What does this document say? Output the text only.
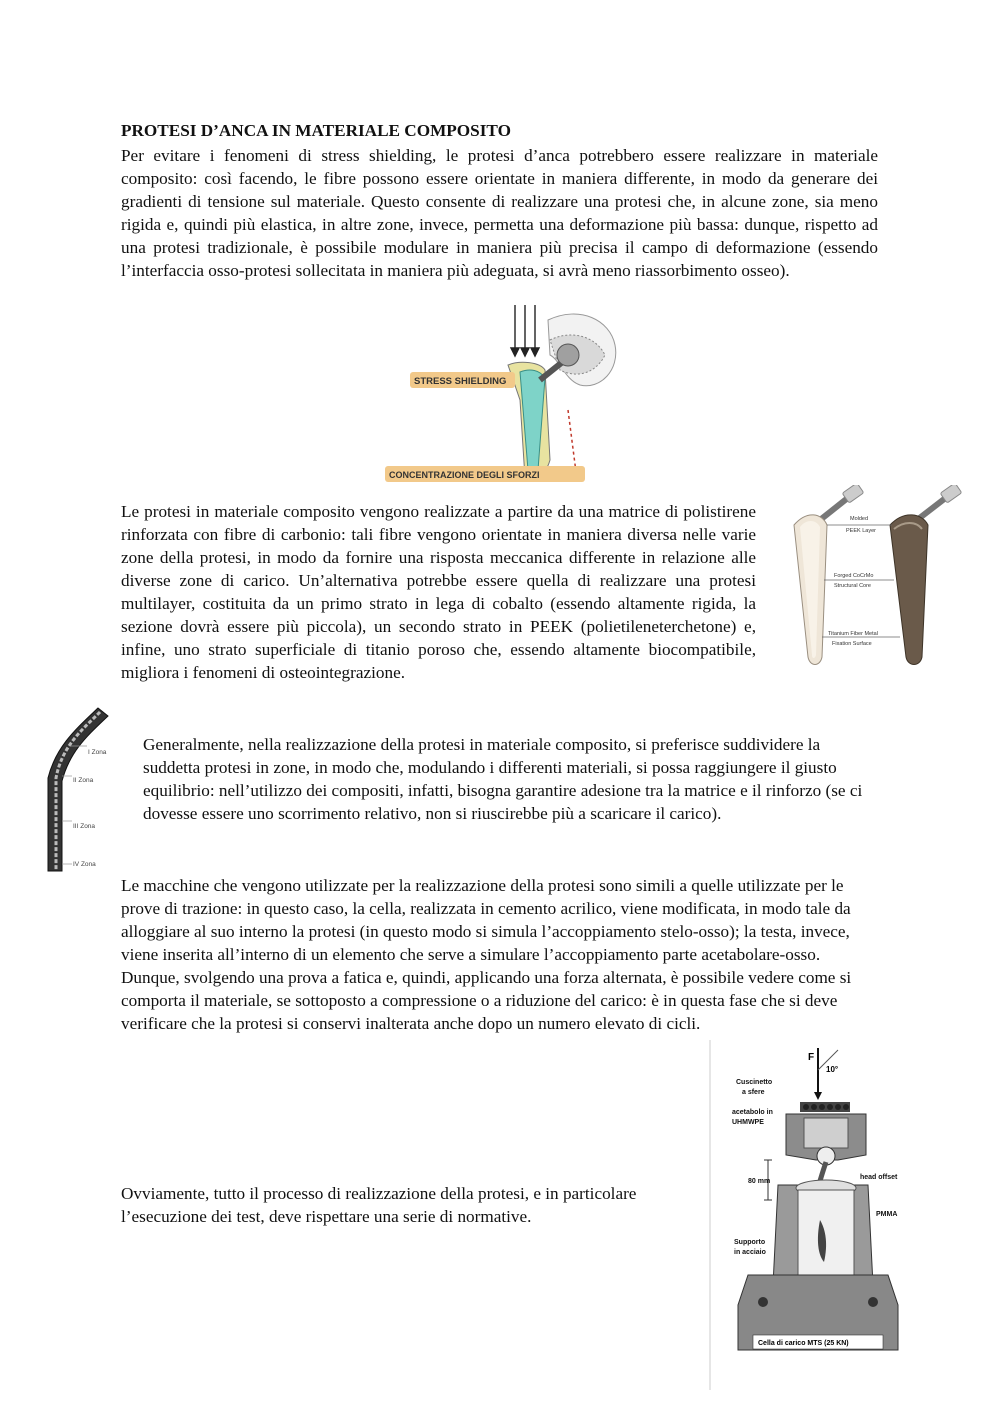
PROTESI D’ANCA IN MATERIALE COMPOSITO

Per evitare i fenomeni di stress shielding, le protesi d’anca potrebbero essere realizzare in materiale composito: così facendo, le fibre possono essere orientate in maniera differente, in modo da generare dei gradienti di tensione sul materiale. Questo consente di realizzare una protesi che, in alcune zone, sia meno rigida e, quindi più elastica, in altre zone, invece, permetta una deformazione più bassa: dunque, rispetto ad una protesi tradizionale, è possibile modulare in maniera più precisa il campo di deformazione (essendo l’interfaccia osso-protesi sollecitata in maniera più adeguata, si avrà meno riassorbimento osseo).

STRESS SHIELDING
CONCENTRAZIONE DEGLI SFORZI

Le protesi in materiale composito vengono realizzate a partire da una matrice di polistirene rinforzata con fibre di carbonio: tali fibre vengono orientate in maniera diversa nelle varie zone della protesi, in modo da fornire una risposta meccanica differente in relazione alle diverse zone di carico. Un’alternativa potrebbe essere quella di realizzare una protesi multilayer, costituita da un primo strato in lega di cobalto (essendo altamente rigida, la sezione dovrà essere più piccola), un secondo strato in PEEK (polietileneterchetone) e, infine, uno strato superficiale di titanio poroso che, essendo altamente biocompatibile, migliora i fenomeni di osteointegrazione.

Molded
PEEK Layer
Forged CoCrMo
Structural Core
Titanium Fiber Metal
Fixation Surface
I Zona
II Zona
III Zona
IV Zona

Generalmente, nella realizzazione della protesi in materiale composito, si preferisce suddividere la suddetta protesi in zone, in modo che, modulando i differenti materiali, si possa raggiungere il giusto equilibrio: nell’utilizzo dei compositi, infatti, bisogna garantire adesione tra la matrice e il rinforzo (se ci dovesse essere uno scorrimento relativo, non si riuscirebbe più a scaricare il carico).

Le macchine che vengono utilizzate per la realizzazione della protesi sono simili a quelle utilizzate per le prove di trazione: in questo caso, la cella, realizzata in cemento acrilico, viene modificata, in modo tale da alloggiare al suo interno la protesi (in questo modo si simula l’accoppiamento stelo-osso); la testa, invece, viene inserita all’interno di un elemento che serve a simulare l’accoppiamento parte acetabolare-osso. Dunque, svolgendo una prova a fatica e, quindi, applicando una forza alternata, è possibile vedere come si comporta il materiale, se sottoposto a compressione o a riduzione del carico: è in questa fase che si deve verificare che la protesi si conservi inalterata anche dopo un numero elevato di cicli.

F
10°
Cuscinetto
a sfere
acetabolo in
UHMWPE
80 mm
head offset
PMMA
Supporto
in acciaio
Cella di carico MTS (25 KN)

Ovviamente, tutto il processo di realizzazione della protesi, e in particolare l’esecuzione dei test, deve rispettare una serie di normative.
